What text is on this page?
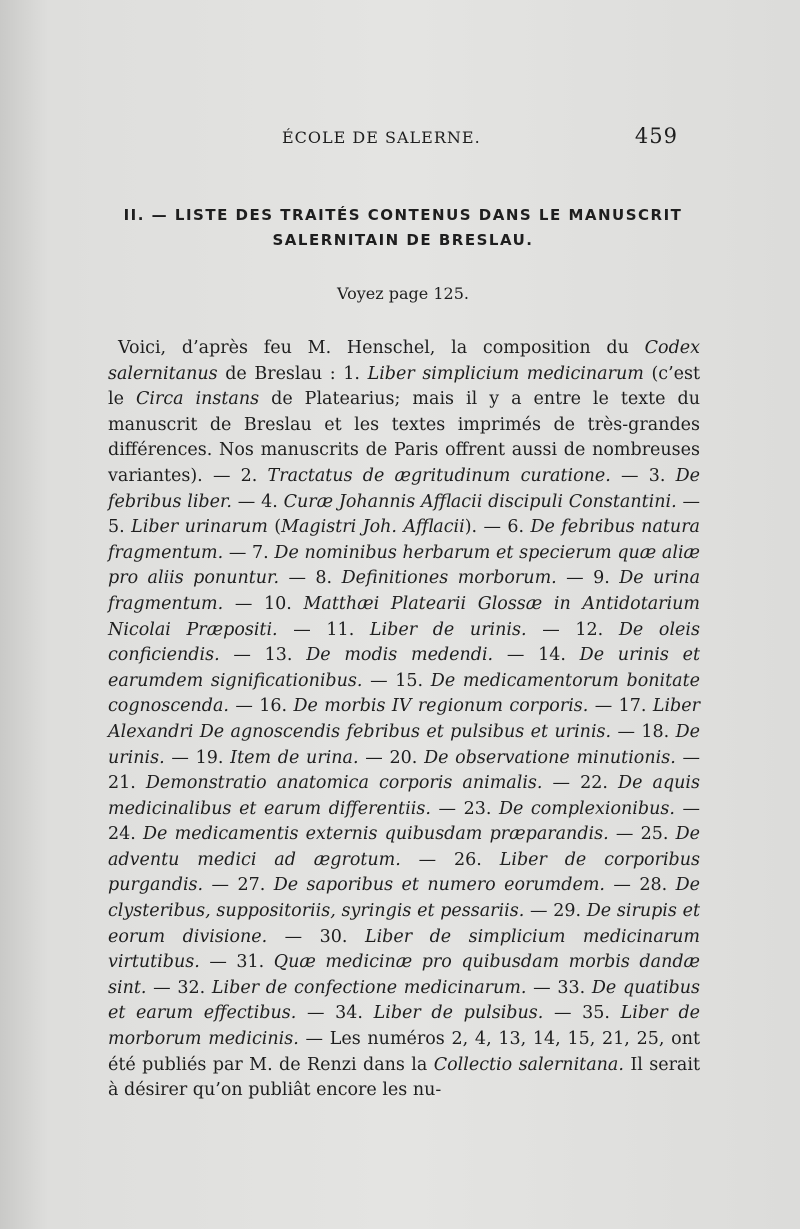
ÉCOLE DE SALERNE.	459
II. — LISTE DES TRAITÉS CONTENUS DANS LE MANUSCRIT
SALERNITAIN DE BRESLAU.
Voyez page 125.

Voici, d’après feu M. Henschel, la composition du Codex salernitanus de Breslau : 1. Liber simplicium medicinarum (c’est le Circa instans de Platearius; mais il y a entre le texte du manuscrit de Breslau et les textes imprimés de très-grandes différences. Nos manuscrits de Paris offrent aussi de nombreuses variantes). — 2. Tractatus de ægritudinum curatione. — 3. De febribus liber. — 4. Curæ Johannis Afflacii discipuli Constantini. — 5. Liber urinarum (Magistri Joh. Afflacii). — 6. De febribus natura fragmentum. — 7. De nominibus herbarum et specierum quæ aliæ pro aliis ponuntur. — 8. Definitiones morborum. — 9. De urina fragmentum. — 10. Matthæi Platearii Glossæ in Antidotarium Nicolai Præpositi. — 11. Liber de urinis. — 12. De oleis conficiendis. — 13. De modis medendi. — 14. De urinis et earumdem significationibus. — 15. De medicamentorum bonitate cognoscenda. — 16. De morbis IV regionum corporis. — 17. Liber Alexandri De agnoscendis febribus et pulsibus et urinis. — 18. De urinis. — 19. Item de urina. — 20. De observatione minutionis. — 21. Demonstratio anatomica corporis animalis. — 22. De aquis medicinalibus et earum differentiis. — 23. De complexionibus. — 24. De medicamentis externis quibusdam præparandis. — 25. De adventu medici ad ægrotum. — 26. Liber de corporibus purgandis. — 27. De saporibus et numero eorumdem. — 28. De clysteribus, suppositoriis, syringis et pessariis. — 29. De sirupis et eorum divisione. — 30. Liber de simplicium medicinarum virtutibus. — 31. Quæ medicinæ pro quibusdam morbis dandæ sint. — 32. Liber de confectione medicinarum. — 33. De quatibus et earum effectibus. — 34. Liber de pulsibus. — 35. Liber de morborum medicinis. — Les numéros 2, 4, 13, 14, 15, 21, 25, ont été publiés par M. de Renzi dans la Collectio salernitana. Il serait à désirer qu’on publiât encore les nu-
